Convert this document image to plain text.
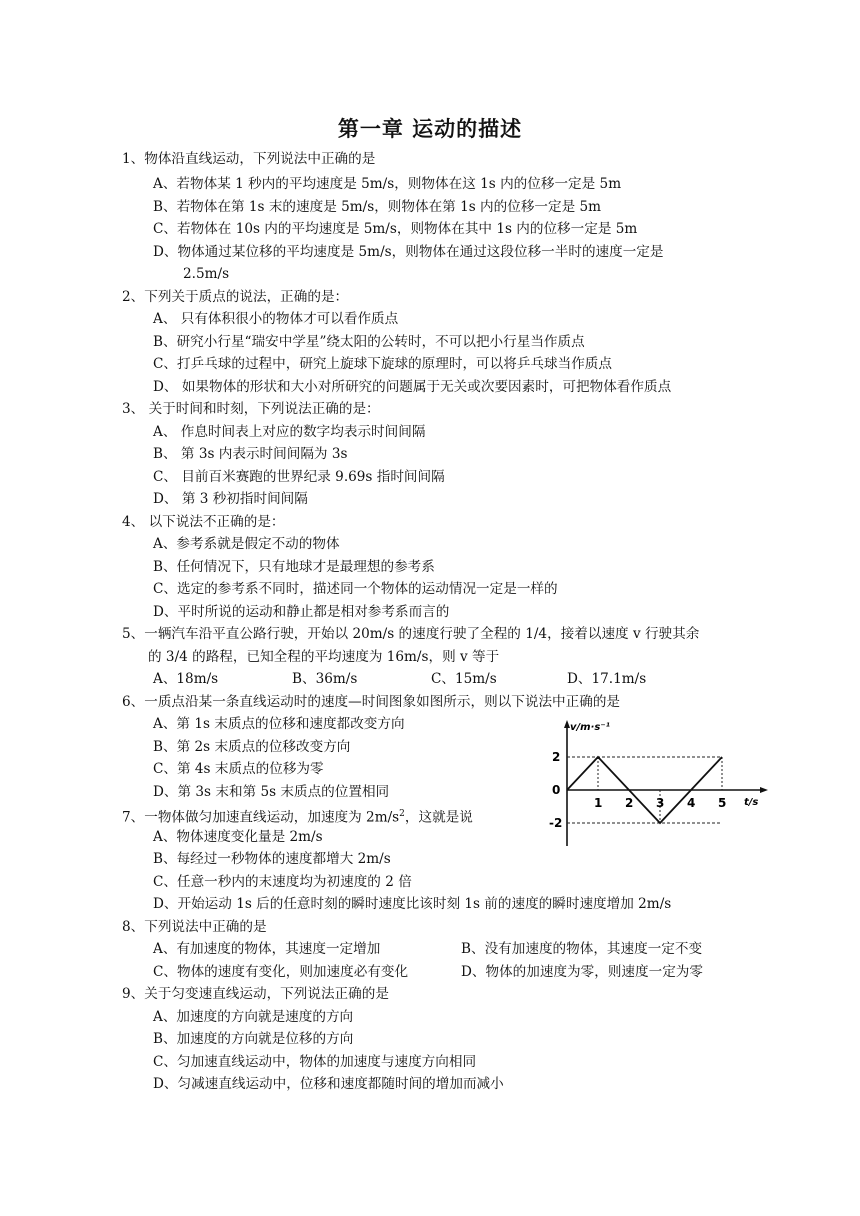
第一章 运动的描述
1、物体沿直线运动，下列说法中正确的是
A、若物体某 1 秒内的平均速度是 5m/s，则物体在这 1s 内的位移一定是 5m
B、若物体在第 1s 末的速度是 5m/s，则物体在第 1s 内的位移一定是 5m
C、若物体在 10s 内的平均速度是 5m/s，则物体在其中 1s 内的位移一定是 5m
D、物体通过某位移的平均速度是 5m/s，则物体在通过这段位移一半时的速度一定是
2.5m/s
2、下列关于质点的说法，正确的是：
A、 只有体积很小的物体才可以看作质点
B、研究小行星“瑞安中学星”绕太阳的公转时，不可以把小行星当作质点
C、打乒乓球的过程中，研究上旋球下旋球的原理时，可以将乒乓球当作质点
D、 如果物体的形状和大小对所研究的问题属于无关或次要因素时，可把物体看作质点
3、 关于时间和时刻，下列说法正确的是：
A、 作息时间表上对应的数字均表示时间间隔
B、 第 3s 内表示时间间隔为 3s
C、 目前百米赛跑的世界纪录 9.69s 指时间间隔
D、 第 3 秒初指时间间隔
4、 以下说法不正确的是：
A、参考系就是假定不动的物体
B、任何情况下，只有地球才是最理想的参考系
C、选定的参考系不同时，描述同一个物体的运动情况一定是一样的
D、平时所说的运动和静止都是相对参考系而言的
5、一辆汽车沿平直公路行驶，开始以 20m/s 的速度行驶了全程的 1/4，接着以速度 v 行驶其余
的 3/4 的路程，已知全程的平均速度为 16m/s，则 v 等于
A、18m/s	B、36m/s	C、15m/s	D、17.1m/s
6、一质点沿某一条直线运动时的速度—时间图象如图所示，则以下说法中正确的是
A、第 1s 末质点的位移和速度都改变方向
B、第 2s 末质点的位移改变方向
C、第 4s 末质点的位移为零
D、第 3s 末和第 5s 末质点的位置相同
v/m·s⁻¹
t/s
2
0
-2
1 2 3 4 5
7、一物体做匀加速直线运动，加速度为 $2m/s^2$，这就是说
A、物体速度变化量是 2m/s
B、每经过一秒物体的速度都增大 2m/s
C、任意一秒内的末速度均为初速度的 2 倍
D、开始运动 1s 后的任意时刻的瞬时速度比该时刻 1s 前的速度的瞬时速度增加 2m/s
8、下列说法中正确的是
A、有加速度的物体，其速度一定增加	B、没有加速度的物体，其速度一定不变
C、物体的速度有变化，则加速度必有变化	D、物体的加速度为零，则速度一定为零
9、关于匀变速直线运动，下列说法正确的是
A、加速度的方向就是速度的方向
B、加速度的方向就是位移的方向
C、匀加速直线运动中，物体的加速度与速度方向相同
D、匀减速直线运动中，位移和速度都随时间的增加而减小
